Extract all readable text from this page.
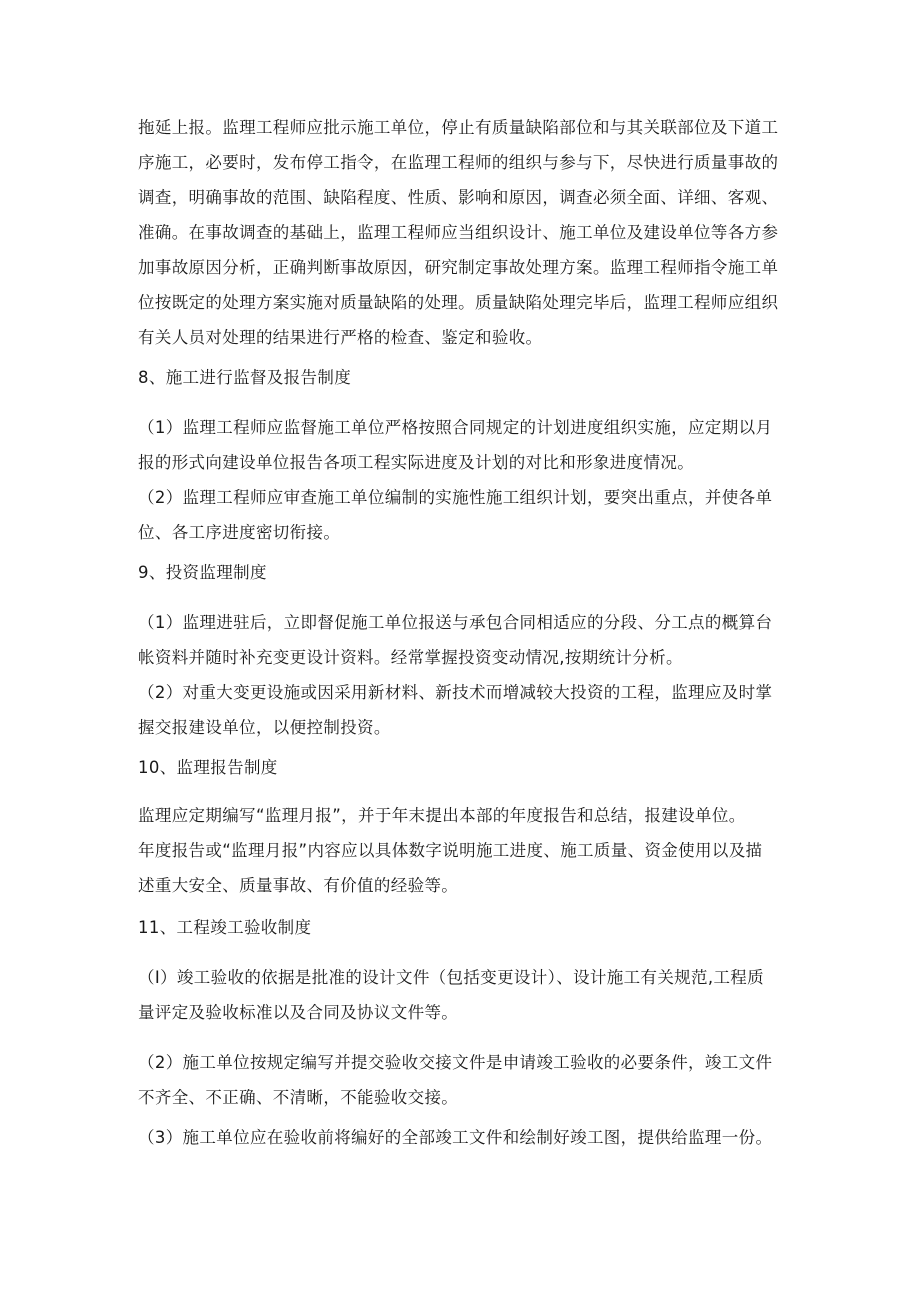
拖延上报。监理工程师应批示施工单位，停止有质量缺陷部位和与其关联部位及下道工
序施工，必要时，发布停工指令，在监理工程师的组织与参与下，尽快进行质量事故的
调查，明确事故的范围、缺陷程度、性质、影响和原因，调查必须全面、详细、客观、
准确。在事故调查的基础上，监理工程师应当组织设计、施工单位及建设单位等各方参
加事故原因分析，正确判断事故原因，研究制定事故处理方案。监理工程师指令施工单
位按既定的处理方案实施对质量缺陷的处理。质量缺陷处理完毕后，监理工程师应组织
有关人员对处理的结果进行严格的检查、鉴定和验收。
8、施工进行监督及报告制度
（1）监理工程师应监督施工单位严格按照合同规定的计划进度组织实施，应定期以月
报的形式向建设单位报告各项工程实际进度及计划的对比和形象进度情况。
（2）监理工程师应审查施工单位编制的实施性施工组织计划，要突出重点，并使各单
位、各工序进度密切衔接。
9、投资监理制度
（1）监理进驻后，立即督促施工单位报送与承包合同相适应的分段、分工点的概算台
帐资料并随时补充变更设计资料。经常掌握投资变动情况,按期统计分析。
（2）对重大变更设施或因采用新材料、新技术而增减较大投资的工程，监理应及时掌
握交报建设单位，以便控制投资。
10、监理报告制度
监理应定期编写“监理月报”，并于年末提出本部的年度报告和总结，报建设单位。
年度报告或“监理月报”内容应以具体数字说明施工进度、施工质量、资金使用以及描
述重大安全、质量事故、有价值的经验等。
11、工程竣工验收制度
（I）竣工验收的依据是批准的设计文件（包括变更设计）、设计施工有关规范,工程质
量评定及验收标准以及合同及协议文件等。
（2）施工单位按规定编写并提交验收交接文件是申请竣工验收的必要条件，竣工文件
不齐全、不正确、不清晰，不能验收交接。
（3）施工单位应在验收前将编好的全部竣工文件和绘制好竣工图，提供给监理一份。
